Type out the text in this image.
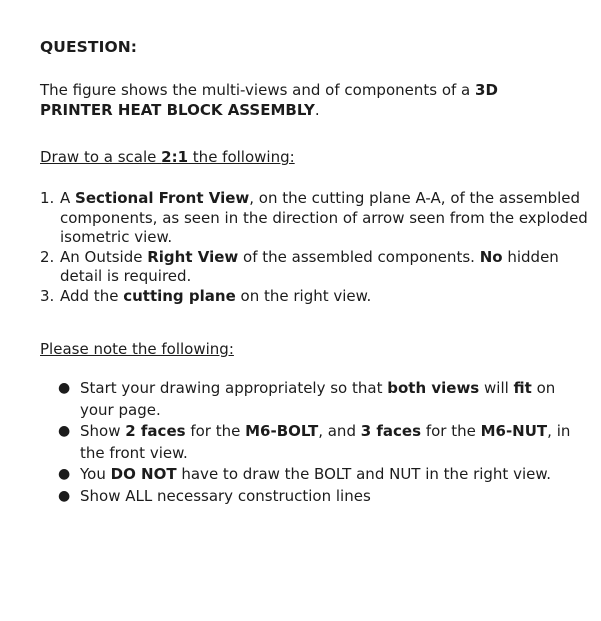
QUESTION:
The figure shows the multi-views and of components of a 3D PRINTER HEAT BLOCK ASSEMBLY.
Draw to a scale 2:1 the following:
1. A Sectional Front View, on the cutting plane A-A, of the assembled components, as seen in the direction of arrow seen from the exploded isometric view.
2. An Outside Right View of the assembled components. No hidden detail is required.
3. Add the cutting plane on the right view.
Please note the following:
● Start your drawing appropriately so that both views will fit on your page.
● Show 2 faces for the M6-BOLT, and 3 faces for the M6-NUT, in the front view.
● You DO NOT have to draw the BOLT and NUT in the right view.
● Show ALL necessary construction lines
